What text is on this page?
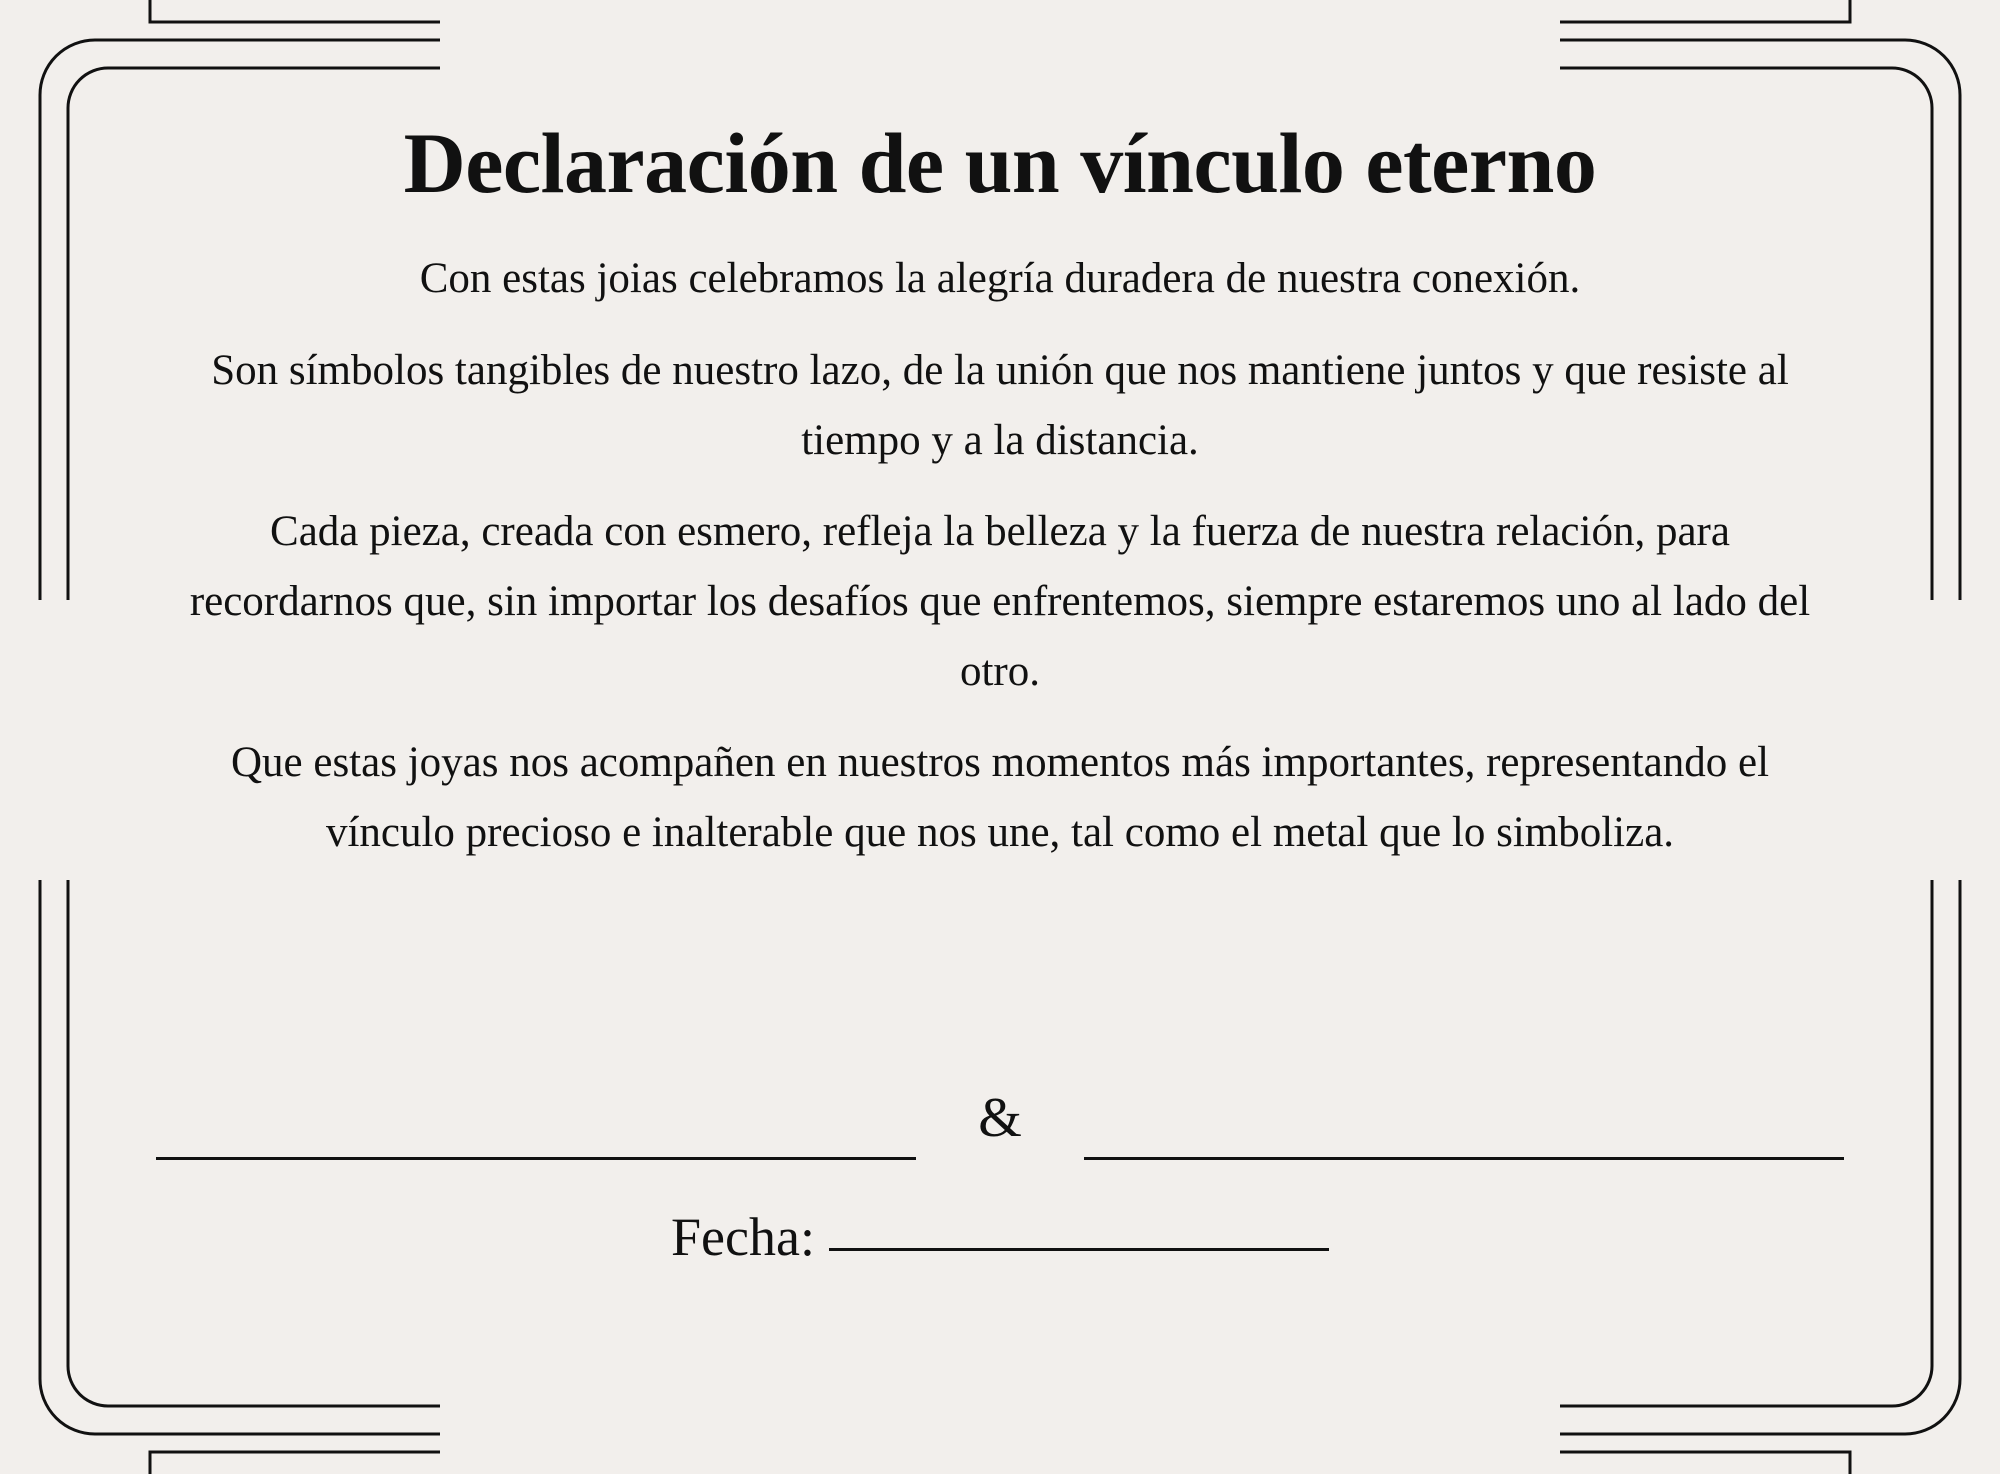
Declaración de un vínculo eterno
Con estas joias celebramos la alegría duradera de nuestra conexión.
Son símbolos tangibles de nuestro lazo, de la unión que nos mantiene juntos y que resiste al tiempo y a la distancia.
Cada pieza, creada con esmero, refleja la belleza y la fuerza de nuestra relación, para recordarnos que, sin importar los desafíos que enfrentemos, siempre estaremos uno al lado del otro.
Que estas joyas nos acompañen en nuestros momentos más importantes, representando el vínculo precioso e inalterable que nos une, tal como el metal que lo simboliza.
&
Fecha:
